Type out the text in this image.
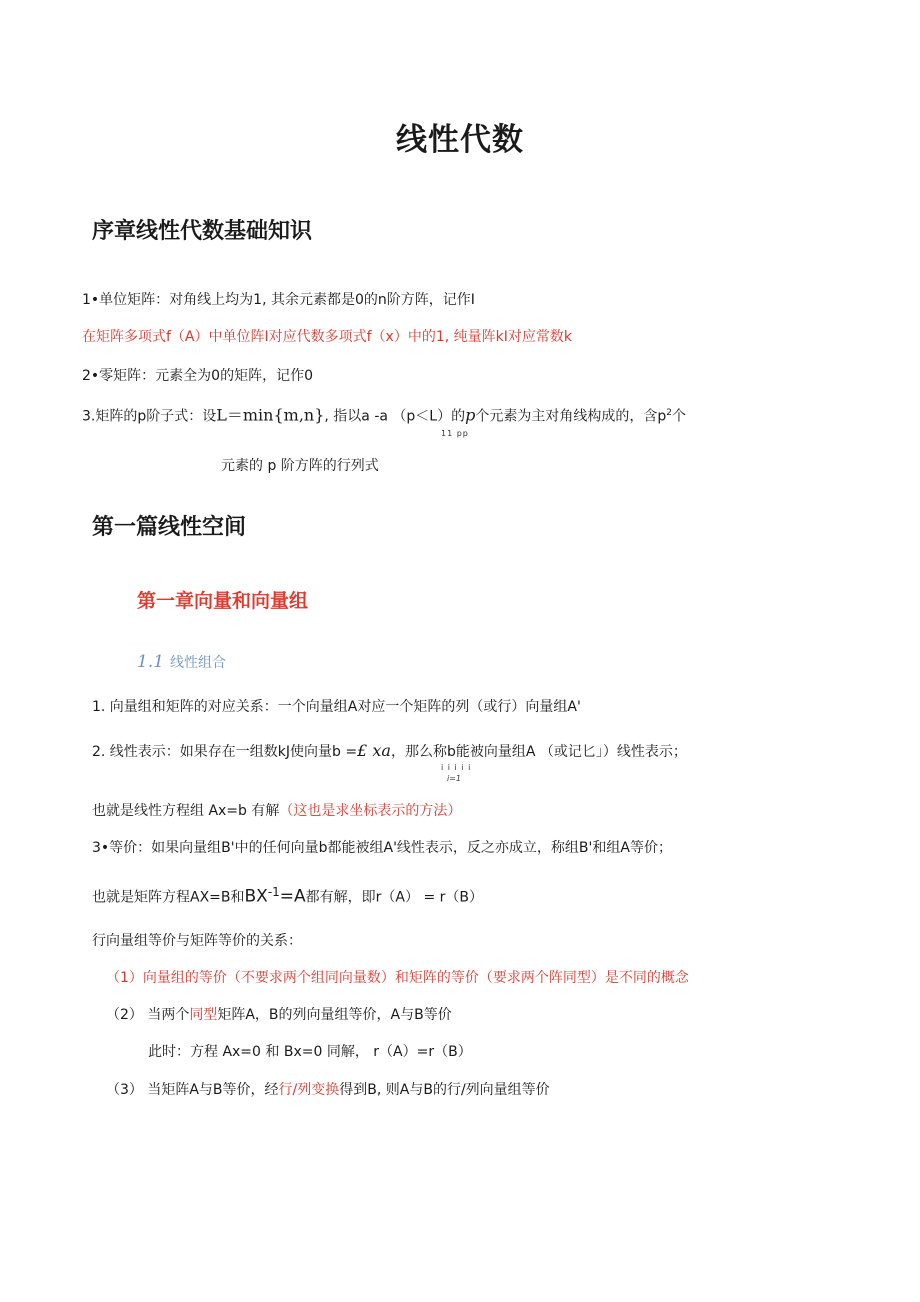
线性代数
序章线性代数基础知识
1•单位矩阵：对角线上均为1, 其余元素都是0的n阶方阵，记作I
在矩阵多项式f（A）中单位阵I对应代数多项式f（x）中的1, 纯量阵kI对应常数k
2•零矩阵：元素全为0的矩阵，记作0
3.矩阵的p阶子式：设L＝min{m,n}, 指以a -a （p＜L）的p个元素为主对角线构成的，含$p^2$个
11 pp
元素的 p 阶方阵的行列式
第一篇线性空间
第一章向量和向量组
1.1 线性组合
1. 向量组和矩阵的对应关系：一个向量组A对应一个矩阵的列（或行）向量组A'
2. 线性表示：如果存在一组数kJ使向量b =£ xa，那么称b能被向量组A （或记匕」）线性表示；
i i i i i
i=1
也就是线性方程组 Ax=b 有解（这也是求坐标表示的方法）
3•等价：如果向量组B'中的任何向量b都能被组A'线性表示，反之亦成立，称组B'和组A等价；
也就是矩阵方程AX=B和BX-1=A都有解，即r（A） = r（B）
行向量组等价与矩阵等价的关系：
（1）向量组的等价（不要求两个组同向量数）和矩阵的等价（要求两个阵同型）是不同的概念
（2） 当两个同型矩阵A，B的列向量组等价，A与B等价
此时：方程 Ax=0 和 Bx=0 同解， r（A）=r（B）
（3） 当矩阵A与B等价，经行/列变换得到B, 则A与B的行/列向量组等价
